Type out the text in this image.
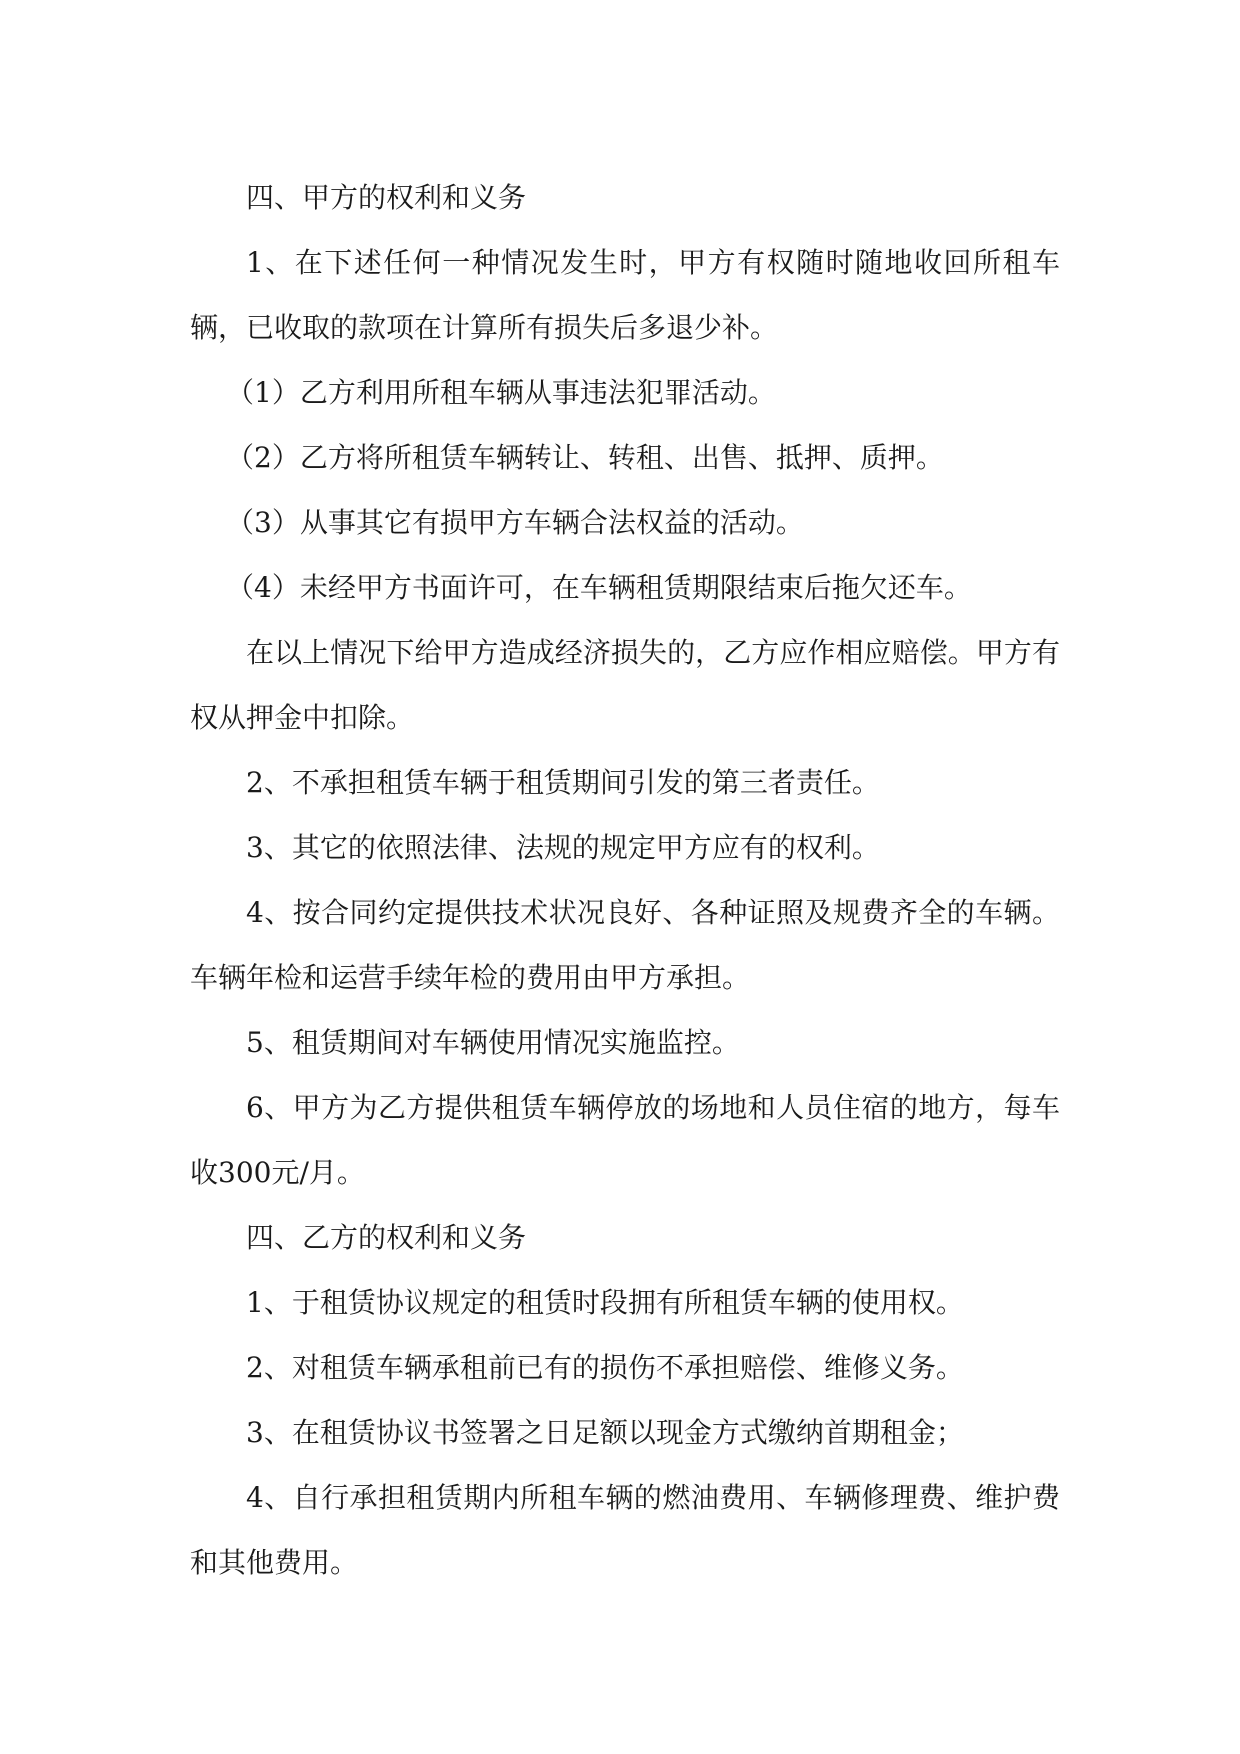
四、甲方的权利和义务

1、在下述任何一种情况发生时，甲方有权随时随地收回所租车辆，已收取的款项在计算所有损失后多退少补。

（1）乙方利用所租车辆从事违法犯罪活动。

（2）乙方将所租赁车辆转让、转租、出售、抵押、质押。

（3）从事其它有损甲方车辆合法权益的活动。

（4）未经甲方书面许可，在车辆租赁期限结束后拖欠还车。

在以上情况下给甲方造成经济损失的，乙方应作相应赔偿。甲方有权从押金中扣除。

2、不承担租赁车辆于租赁期间引发的第三者责任。

3、其它的依照法律、法规的规定甲方应有的权利。

4、按合同约定提供技术状况良好、各种证照及规费齐全的车辆。车辆年检和运营手续年检的费用由甲方承担。

5、租赁期间对车辆使用情况实施监控。

6、甲方为乙方提供租赁车辆停放的场地和人员住宿的地方，每车收300元/月。

四、乙方的权利和义务

1、于租赁协议规定的租赁时段拥有所租赁车辆的使用权。

2、对租赁车辆承租前已有的损伤不承担赔偿、维修义务。

3、在租赁协议书签署之日足额以现金方式缴纳首期租金；

4、自行承担租赁期内所租车辆的燃油费用、车辆修理费、维护费和其他费用。
